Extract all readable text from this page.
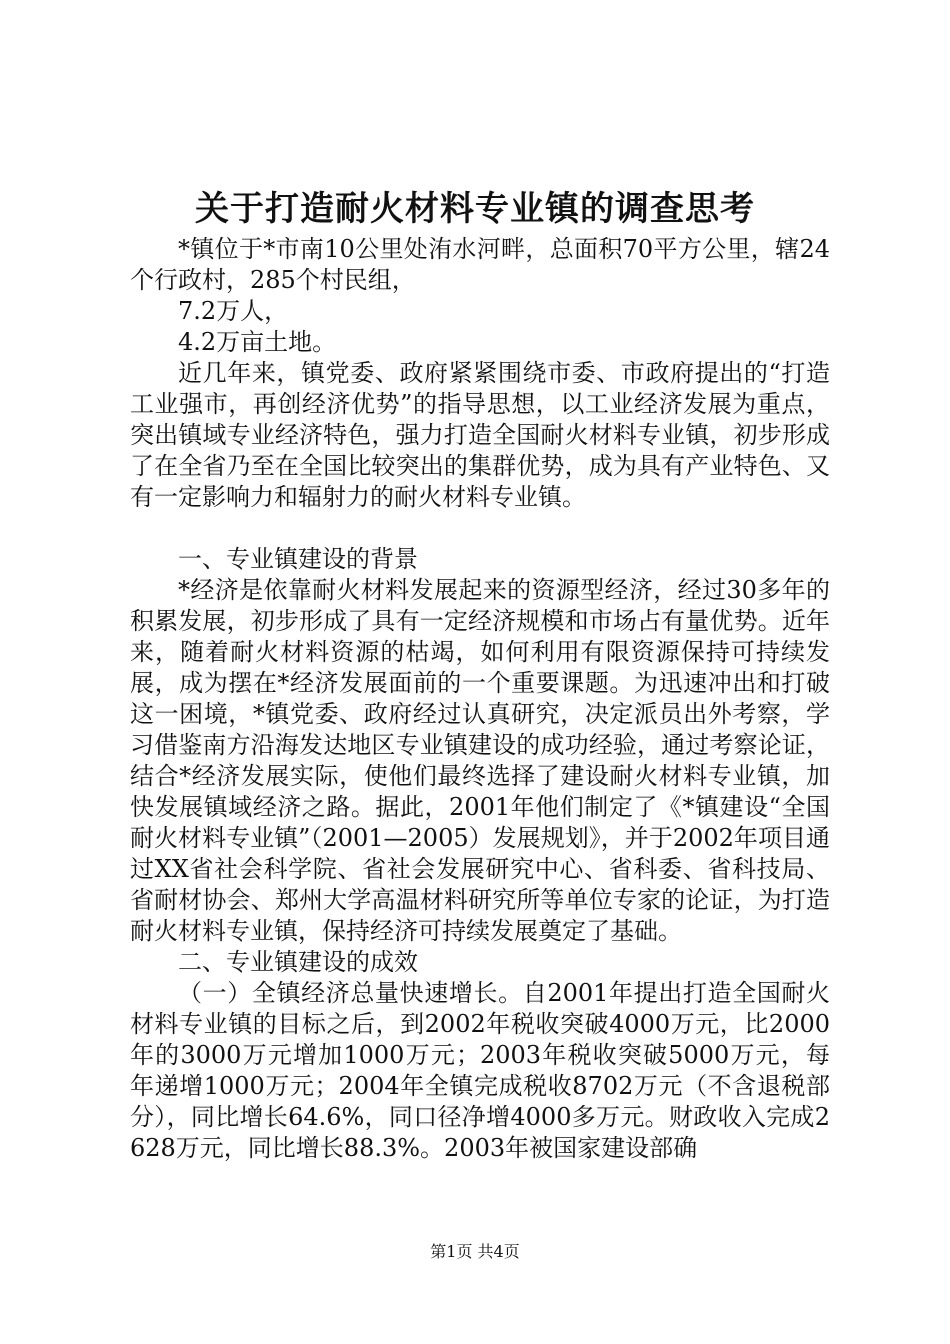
关于打造耐火材料专业镇的调查思考

*镇位于*市南10公里处洧水河畔，总面积70平方公里，辖24个行政村，285个村民组，

7.2万人，

4.2万亩土地。

近几年来，镇党委、政府紧紧围绕市委、市政府提出的“打造工业强市，再创经济优势”的指导思想，以工业经济发展为重点，突出镇域专业经济特色，强力打造全国耐火材料专业镇，初步形成了在全省乃至在全国比较突出的集群优势，成为具有产业特色、又有一定影响力和辐射力的耐火材料专业镇。

一、专业镇建设的背景

*经济是依靠耐火材料发展起来的资源型经济，经过30多年的积累发展，初步形成了具有一定经济规模和市场占有量优势。近年来，随着耐火材料资源的枯竭，如何利用有限资源保持可持续发展，成为摆在*经济发展面前的一个重要课题。为迅速冲出和打破这一困境，*镇党委、政府经过认真研究，决定派员出外考察，学习借鉴南方沿海发达地区专业镇建设的成功经验，通过考察论证，结合*经济发展实际，使他们最终选择了建设耐火材料专业镇，加快发展镇域经济之路。据此，2001年他们制定了《*镇建设“全国耐火材料专业镇”（2001—2005）发展规划》，并于2002年项目通过XX省社会科学院、省社会发展研究中心、省科委、省科技局、省耐材协会、郑州大学高温材料研究所等单位专家的论证，为打造耐火材料专业镇，保持经济可持续发展奠定了基础。

二、专业镇建设的成效

（一）全镇经济总量快速增长。自2001年提出打造全国耐火材料专业镇的目标之后，到2002年税收突破4000万元，比2000年的3000万元增加1000万元；2003年税收突破5000万元，每年递增1000万元；2004年全镇完成税收8702万元（不含退税部分），同比增长64.6%，同口径净增4000多万元。财政收入完成2628万元，同比增长88.3%。2003年被国家建设部确

第1页 共4页
